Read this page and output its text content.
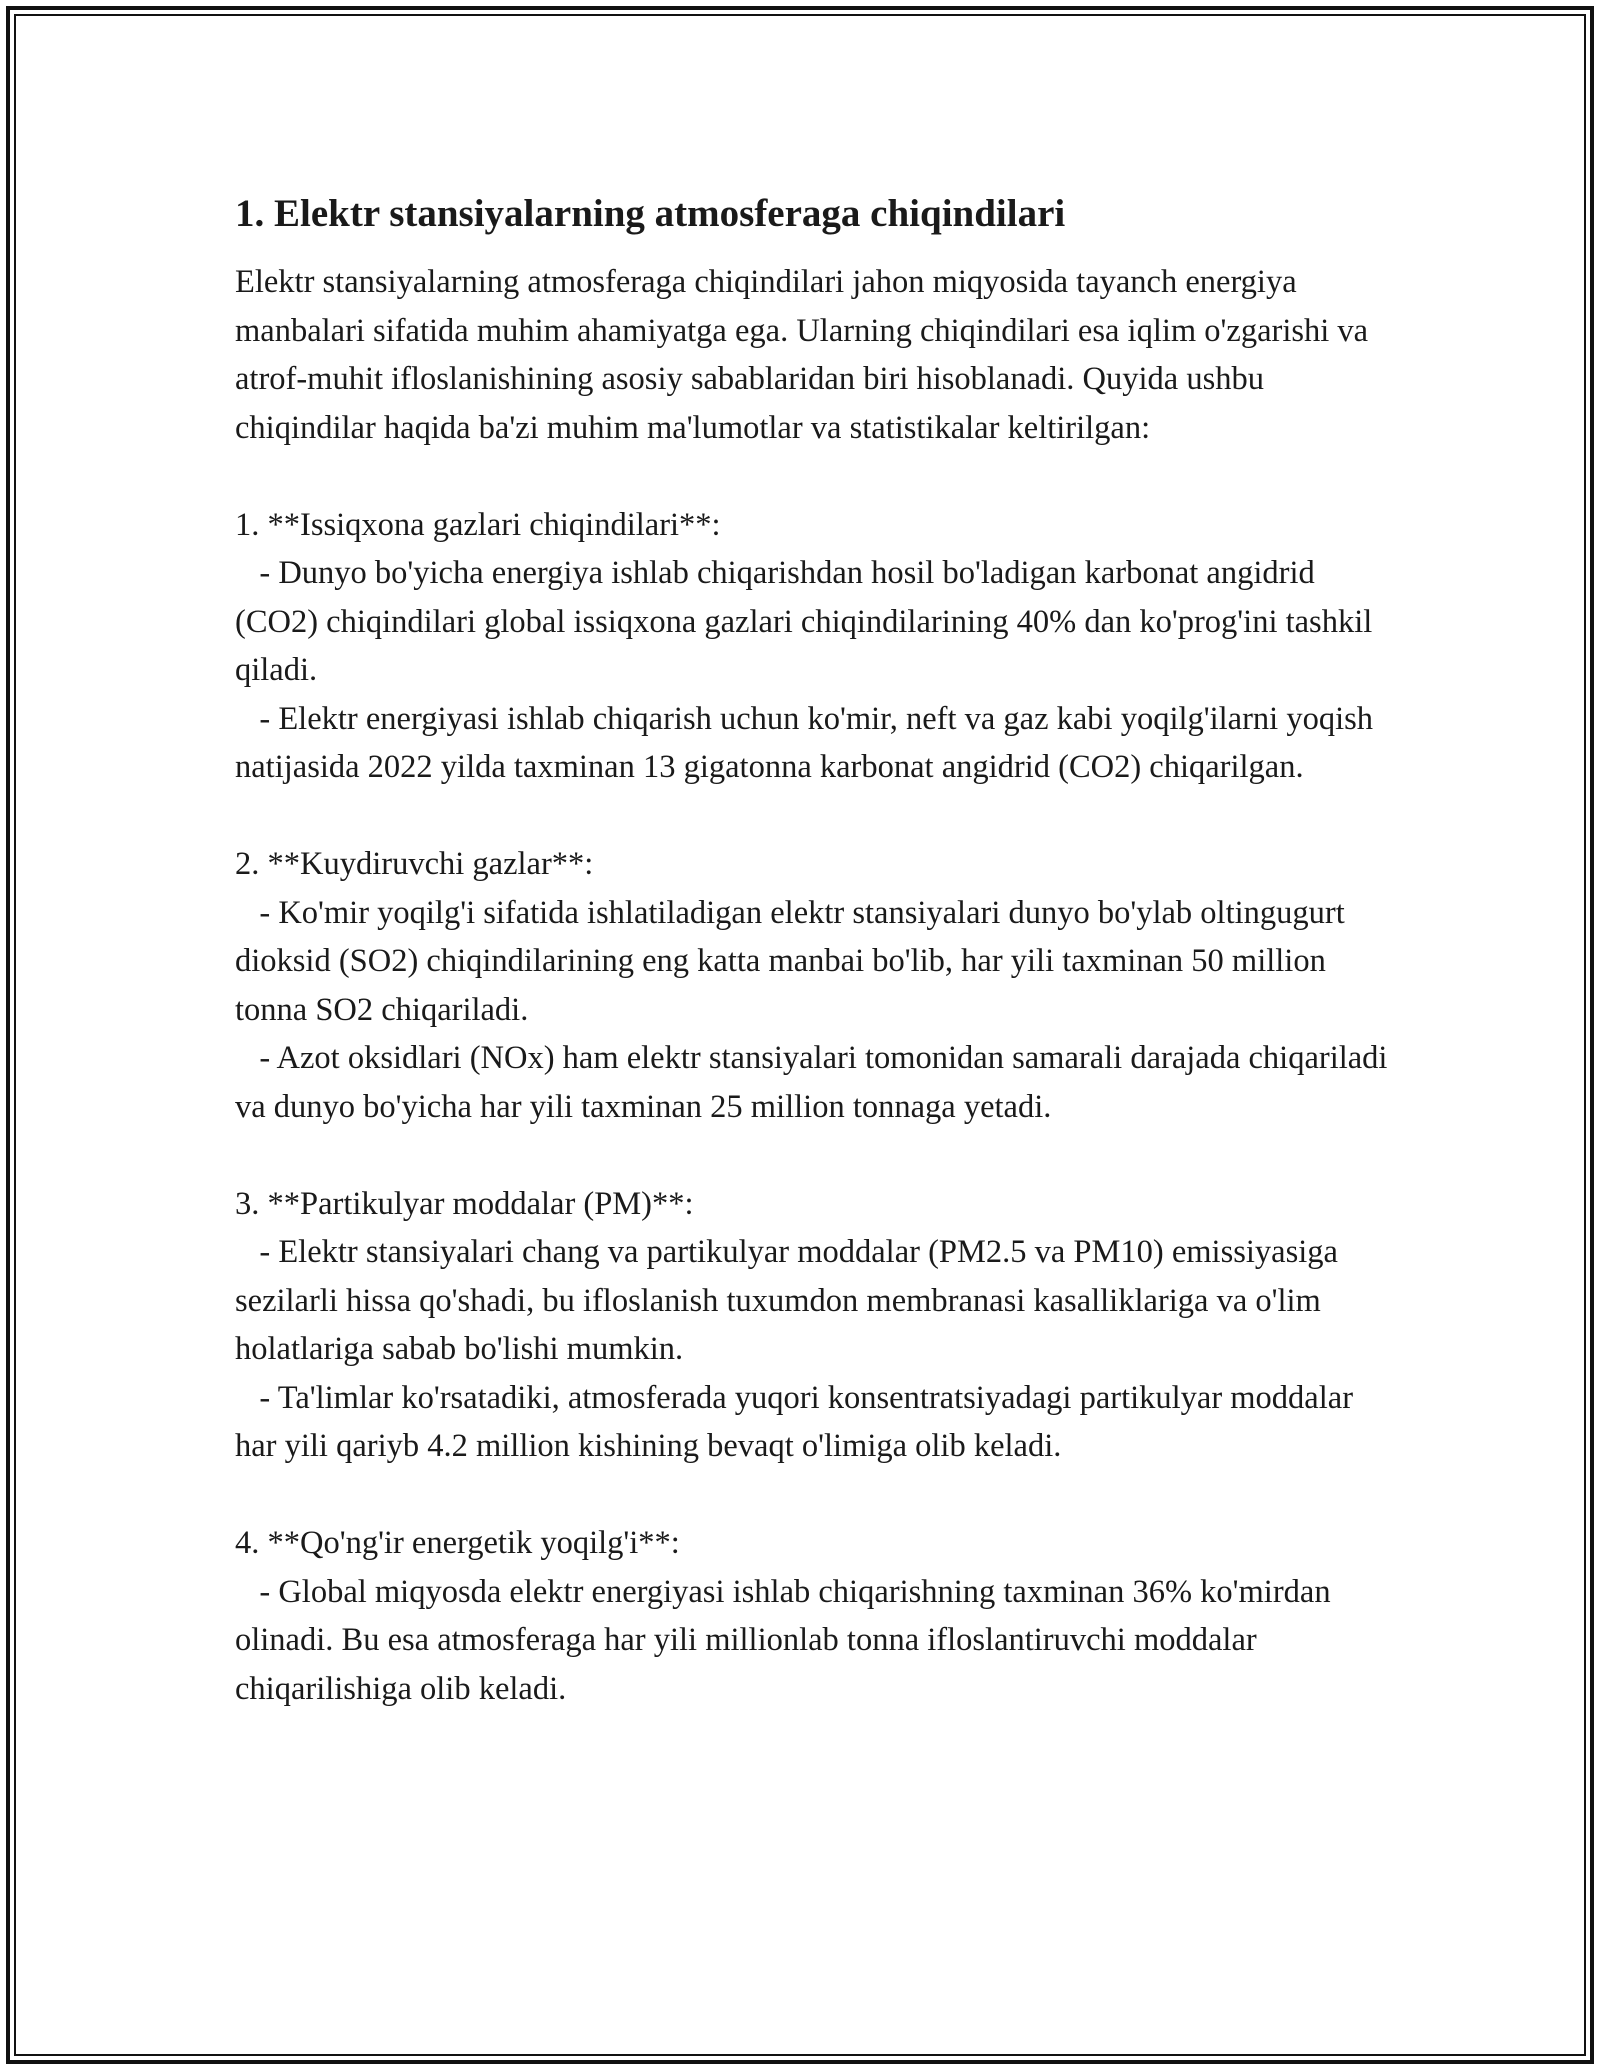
1. Elektr stansiyalarning atmosferaga chiqindilari

Elektr stansiyalarning atmosferaga chiqindilari jahon miqyosida tayanch energiya manbalari sifatida muhim ahamiyatga ega. Ularning chiqindilari esa iqlim o'zgarishi va atrof-muhit ifloslanishining asosiy sabablaridan biri hisoblanadi. Quyida ushbu chiqindilar haqida ba'zi muhim ma'lumotlar va statistikalar keltirilgan:

1. **Issiqxona gazlari chiqindilari**:

- Dunyo bo'yicha energiya ishlab chiqarishdan hosil bo'ladigan karbonat angidrid (CO2) chiqindilari global issiqxona gazlari chiqindilarining 40% dan ko'prog'ini tashkil qiladi.

- Elektr energiyasi ishlab chiqarish uchun ko'mir, neft va gaz kabi yoqilg'ilarni yoqish natijasida 2022 yilda taxminan 13 gigatonna karbonat angidrid (CO2) chiqarilgan.

2. **Kuydiruvchi gazlar**:

- Ko'mir yoqilg'i sifatida ishlatiladigan elektr stansiyalari dunyo bo'ylab oltingugurt dioksid (SO2) chiqindilarining eng katta manbai bo'lib, har yili taxminan 50 million tonna SO2 chiqariladi.

- Azot oksidlari (NOx) ham elektr stansiyalari tomonidan samarali darajada chiqariladi va dunyo bo'yicha har yili taxminan 25 million tonnaga yetadi.

3. **Partikulyar moddalar (PM)**:

- Elektr stansiyalari chang va partikulyar moddalar (PM2.5 va PM10) emissiyasiga sezilarli hissa qo'shadi, bu ifloslanish tuxumdon membranasi kasalliklariga va o'lim holatlariga sabab bo'lishi mumkin.

- Ta'limlar ko'rsatadiki, atmosferada yuqori konsentratsiyadagi partikulyar moddalar har yili qariyb 4.2 million kishining bevaqt o'limiga olib keladi.

4. **Qo'ng'ir energetik yoqilg'i**:

- Global miqyosda elektr energiyasi ishlab chiqarishning taxminan 36% ko'mirdan olinadi. Bu esa atmosferaga har yili millionlab tonna ifloslantiruvchi moddalar chiqarilishiga olib keladi.
